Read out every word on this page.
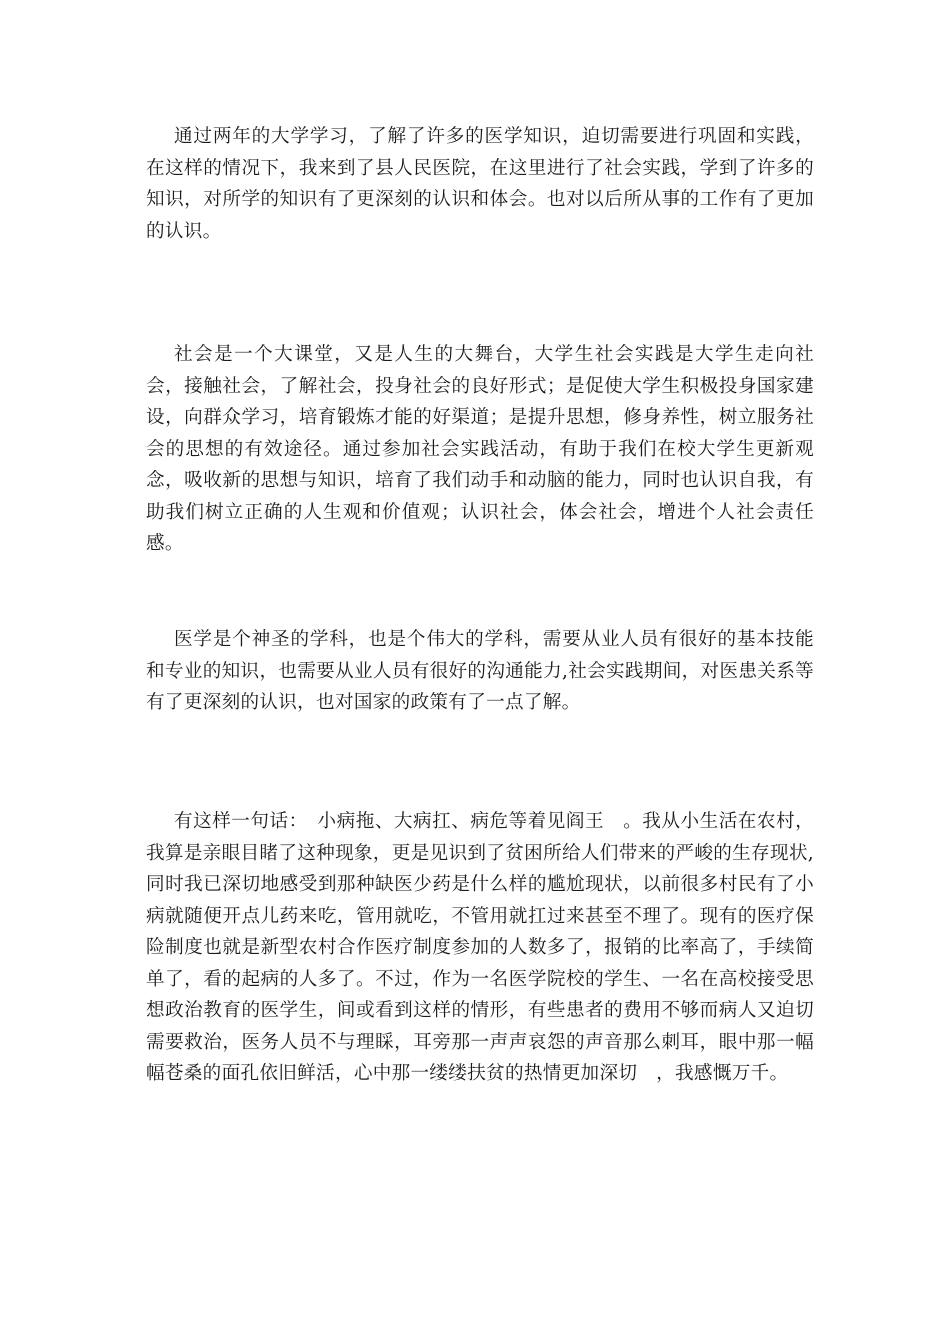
通过两年的大学学习，了解了许多的医学知识，迫切需要进行巩固和实践，在这样的情况下，我来到了县人民医院，在这里进行了社会实践，学到了许多的知识，对所学的知识有了更深刻的认识和体会。也对以后所从事的工作有了更加的认识。

社会是一个大课堂，又是人生的大舞台，大学生社会实践是大学生走向社会，接触社会，了解社会，投身社会的良好形式；是促使大学生积极投身国家建设，向群众学习，培育锻炼才能的好渠道；是提升思想，修身养性，树立服务社会的思想的有效途径。通过参加社会实践活动，有助于我们在校大学生更新观念，吸收新的思想与知识，培育了我们动手和动脑的能力，同时也认识自我，有助我们树立正确的人生观和价值观；认识社会，体会社会，增进个人社会责任感。

医学是个神圣的学科，也是个伟大的学科，需要从业人员有很好的基本技能和专业的知识，也需要从业人员有很好的沟通能力,社会实践期间，对医患关系等有了更深刻的认识，也对国家的政策有了一点了解。

有这样一句话：　小病拖、大病扛、病危等着见阎王　。我从小生活在农村，我算是亲眼目睹了这种现象，更是见识到了贫困所给人们带来的严峻的生存现状,同时我已深切地感受到那种缺医少药是什么样的尴尬现状，以前很多村民有了小病就随便开点儿药来吃，管用就吃，不管用就扛过来甚至不理了。现有的医疗保险制度也就是新型农村合作医疗制度参加的人数多了，报销的比率高了，手续简单了，看的起病的人多了。不过，作为一名医学院校的学生、一名在高校接受思想政治教育的医学生，间或看到这样的情形，有些患者的费用不够而病人又迫切需要救治，医务人员不与理睬，耳旁那一声声哀怨的声音那么刺耳，眼中那一幅幅苍桑的面孔依旧鲜活，心中那一缕缕扶贫的热情更加深切　，我感慨万千。
